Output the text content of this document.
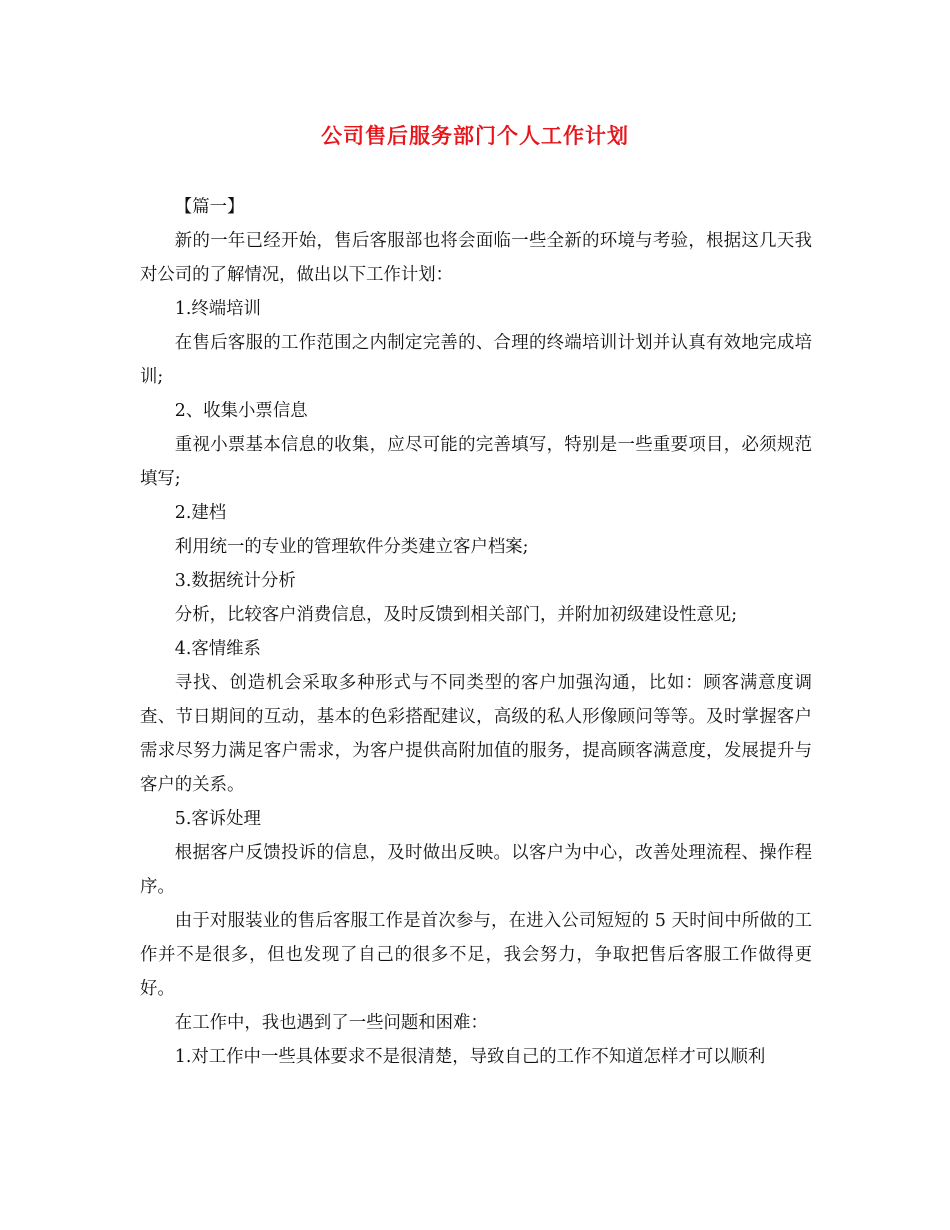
公司售后服务部门个人工作计划

【篇一】

新的一年已经开始，售后客服部也将会面临一些全新的环境与考验，根据这几天我对公司的了解情况，做出以下工作计划：

1.终端培训

在售后客服的工作范围之内制定完善的、合理的终端培训计划并认真有效地完成培训;

2、收集小票信息

重视小票基本信息的收集，应尽可能的完善填写，特别是一些重要项目，必须规范填写;

2.建档

利用统一的专业的管理软件分类建立客户档案;

3.数据统计分析

分析，比较客户消费信息，及时反馈到相关部门，并附加初级建设性意见;

4.客情维系

寻找、创造机会采取多种形式与不同类型的客户加强沟通，比如：顾客满意度调查、节日期间的互动，基本的色彩搭配建议，高级的私人形像顾问等等。及时掌握客户需求尽努力满足客户需求，为客户提供高附加值的服务，提高顾客满意度，发展提升与客户的关系。

5.客诉处理

根据客户反馈投诉的信息，及时做出反映。以客户为中心，改善处理流程、操作程序。

由于对服装业的售后客服工作是首次参与，在进入公司短短的 5 天时间中所做的工作并不是很多，但也发现了自己的很多不足，我会努力，争取把售后客服工作做得更好。

在工作中，我也遇到了一些问题和困难：

1.对工作中一些具体要求不是很清楚，导致自己的工作不知道怎样才可以顺利
